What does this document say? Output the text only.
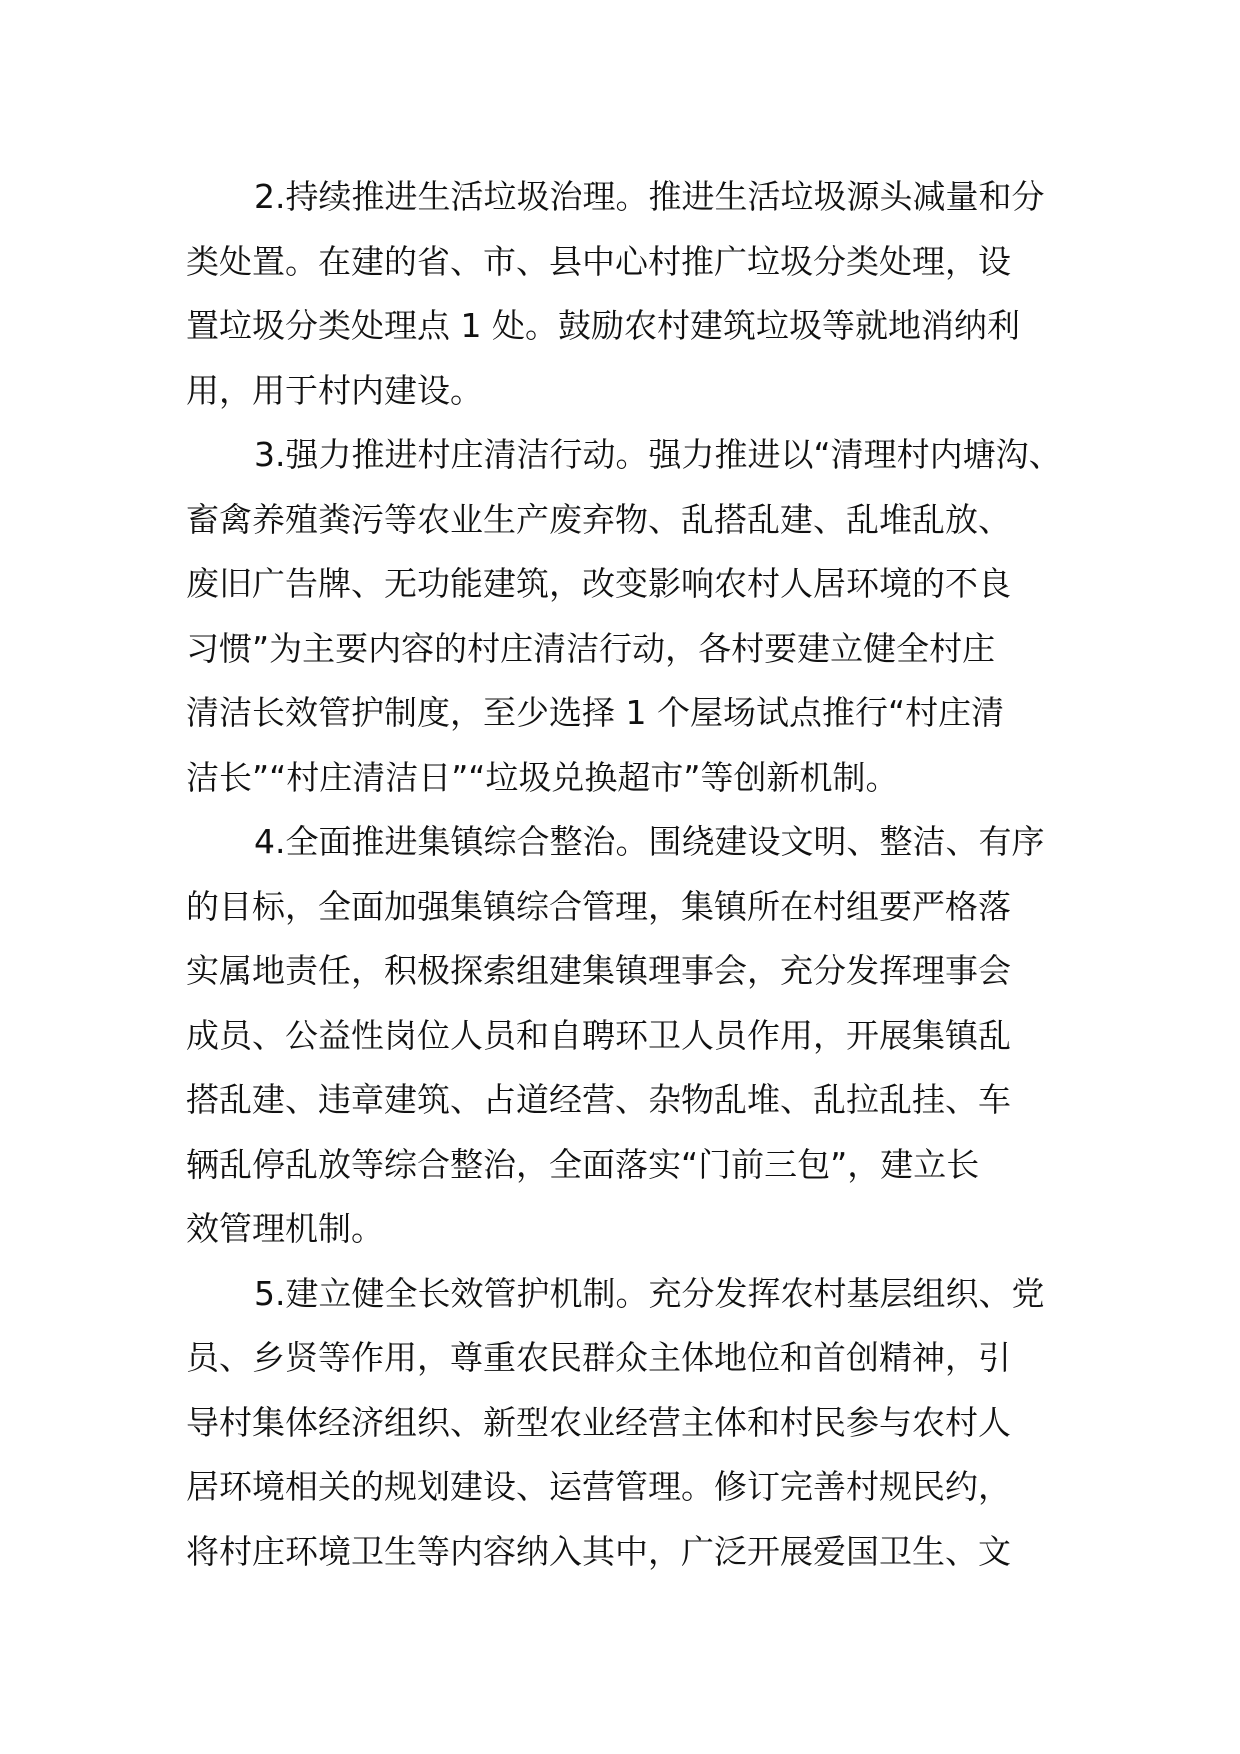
2.持续推进生活垃圾治理。推进生活垃圾源头减量和分
类处置。在建的省、市、县中心村推广垃圾分类处理，设
置垃圾分类处理点 1 处。鼓励农村建筑垃圾等就地消纳利
用，用于村内建设。

3.强力推进村庄清洁行动。强力推进以“清理村内塘沟、
畜禽养殖粪污等农业生产废弃物、乱搭乱建、乱堆乱放、
废旧广告牌、无功能建筑，改变影响农村人居环境的不良
习惯”为主要内容的村庄清洁行动，各村要建立健全村庄
清洁长效管护制度，至少选择 1 个屋场试点推行“村庄清
洁长”“村庄清洁日”“垃圾兑换超市”等创新机制。

4.全面推进集镇综合整治。围绕建设文明、整洁、有序
的目标，全面加强集镇综合管理，集镇所在村组要严格落
实属地责任，积极探索组建集镇理事会，充分发挥理事会
成员、公益性岗位人员和自聘环卫人员作用，开展集镇乱
搭乱建、违章建筑、占道经营、杂物乱堆、乱拉乱挂、车
辆乱停乱放等综合整治，全面落实“门前三包”，建立长
效管理机制。

5.建立健全长效管护机制。充分发挥农村基层组织、党
员、乡贤等作用，尊重农民群众主体地位和首创精神，引
导村集体经济组织、新型农业经营主体和村民参与农村人
居环境相关的规划建设、运营管理。修订完善村规民约，
将村庄环境卫生等内容纳入其中，广泛开展爱国卫生、文
